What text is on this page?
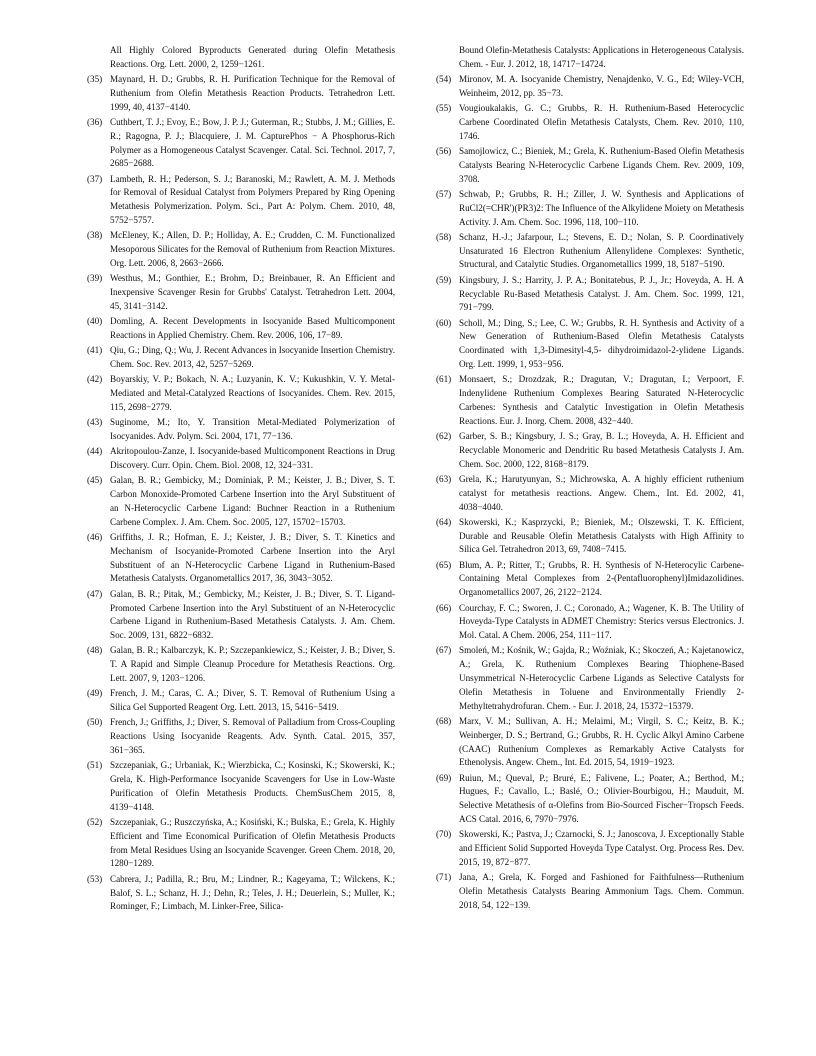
All Highly Colored Byproducts Generated during Olefin Metathesis Reactions. Org. Lett. 2000, 2, 1259−1261.

(35) Maynard, H. D.; Grubbs, R. H. Purification Technique for the Removal of Ruthenium from Olefin Metathesis Reaction Products. Tetrahedron Lett. 1999, 40, 4137−4140.

(36) Cuthbert, T. J.; Evoy, E.; Bow, J. P. J.; Guterman, R.; Stubbs, J. M.; Gillies, E. R.; Ragogna, P. J.; Blacquiere, J. M. CapturePhos − A Phosphorus-Rich Polymer as a Homogeneous Catalyst Scavenger. Catal. Sci. Technol. 2017, 7, 2685−2688.

(37) Lambeth, R. H.; Pederson, S. J.; Baranoski, M.; Rawlett, A. M. J. Methods for Removal of Residual Catalyst from Polymers Prepared by Ring Opening Metathesis Polymerization. Polym. Sci., Part A: Polym. Chem. 2010, 48, 5752−5757.

(38) McEleney, K.; Allen, D. P.; Holliday, A. E.; Crudden, C. M. Functionalized Mesoporous Silicates for the Removal of Ruthenium from Reaction Mixtures. Org. Lett. 2006, 8, 2663−2666.

(39) Westhus, M.; Gonthier, E.; Brohm, D.; Breinbauer, R. An Efficient and Inexpensive Scavenger Resin for Grubbs' Catalyst. Tetrahedron Lett. 2004, 45, 3141−3142.

(40) Domling, A. Recent Developments in Isocyanide Based Multicomponent Reactions in Applied Chemistry. Chem. Rev. 2006, 106, 17−89.

(41) Qiu, G.; Ding, Q.; Wu, J. Recent Advances in Isocyanide Insertion Chemistry. Chem. Soc. Rev. 2013, 42, 5257−5269.

(42) Boyarskiy, V. P.; Bokach, N. A.; Luzyanin, K. V.; Kukushkin, V. Y. Metal-Mediated and Metal-Catalyzed Reactions of Isocyanides. Chem. Rev. 2015, 115, 2698−2779.

(43) Suginome, M.; Ito, Y. Transition Metal-Mediated Polymerization of Isocyanides. Adv. Polym. Sci. 2004, 171, 77−136.

(44) Akritopoulou-Zanze, I. Isocyanide-based Multicomponent Reactions in Drug Discovery. Curr. Opin. Chem. Biol. 2008, 12, 324−331.

(45) Galan, B. R.; Gembicky, M.; Dominiak, P. M.; Keister, J. B.; Diver, S. T. Carbon Monoxide-Promoted Carbene Insertion into the Aryl Substituent of an N-Heterocyclic Carbene Ligand: Buchner Reaction in a Ruthenium Carbene Complex. J. Am. Chem. Soc. 2005, 127, 15702−15703.

(46) Griffiths, J. R.; Hofman, E. J.; Keister, J. B.; Diver, S. T. Kinetics and Mechanism of Isocyanide-Promoted Carbene Insertion into the Aryl Substituent of an N-Heterocyclic Carbene Ligand in Ruthenium-Based Metathesis Catalysts. Organometallics 2017, 36, 3043−3052.

(47) Galan, B. R.; Pitak, M.; Gembicky, M.; Keister, J. B.; Diver, S. T. Ligand-Promoted Carbene Insertion into the Aryl Substituent of an N-Heterocyclic Carbene Ligand in Ruthenium-Based Metathesis Catalysts. J. Am. Chem. Soc. 2009, 131, 6822−6832.

(48) Galan, B. R.; Kalbarczyk, K. P.; Szczepankiewicz, S.; Keister, J. B.; Diver, S. T. A Rapid and Simple Cleanup Procedure for Metathesis Reactions. Org. Lett. 2007, 9, 1203−1206.

(49) French, J. M.; Caras, C. A.; Diver, S. T. Removal of Ruthenium Using a Silica Gel Supported Reagent Org. Lett. 2013, 15, 5416−5419.

(50) French, J.; Griffiths, J.; Diver, S. Removal of Palladium from Cross-Coupling Reactions Using Isocyanide Reagents. Adv. Synth. Catal. 2015, 357, 361−365.

(51) Szczepaniak, G.; Urbaniak, K.; Wierzbicka, C.; Kosinski, K.; Skowerski, K.; Grela, K. High-Performance Isocyanide Scavengers for Use in Low-Waste Purification of Olefin Metathesis Products. ChemSusChem 2015, 8, 4139−4148.

(52) Szczepaniak, G.; Ruszczyńska, A.; Kosiński, K.; Bulska, E.; Grela, K. Highly Efficient and Time Economical Purification of Olefin Metathesis Products from Metal Residues Using an Isocyanide Scavenger. Green Chem. 2018, 20, 1280−1289.

(53) Cabrera, J.; Padilla, R.; Bru, M.; Lindner, R.; Kageyama, T.; Wilckens, K.; Balof, S. L.; Schanz, H. J.; Dehn, R.; Teles, J. H.; Deuerlein, S.; Muller, K.; Rominger, F.; Limbach, M. Linker-Free, Silica-

Bound Olefin-Metathesis Catalysts: Applications in Heterogeneous Catalysis. Chem. - Eur. J. 2012, 18, 14717−14724.

(54) Mironov, M. A. Isocyanide Chemistry, Nenajdenko, V. G., Ed; Wiley-VCH, Weinheim, 2012, pp. 35−73.

(55) Vougioukalakis, G. C.; Grubbs, R. H. Ruthenium-Based Heterocyclic Carbene Coordinated Olefin Metathesis Catalysts, Chem. Rev. 2010, 110, 1746.

(56) Samojlowicz, C.; Bieniek, M.; Grela, K. Ruthenium-Based Olefin Metathesis Catalysts Bearing N-Heterocyclic Carbene Ligands Chem. Rev. 2009, 109, 3708.

(57) Schwab, P.; Grubbs, R. H.; Ziller, J. W. Synthesis and Applications of RuCl2(=CHR')(PR3)2: The Influence of the Alkylidene Moiety on Metathesis Activity. J. Am. Chem. Soc. 1996, 118, 100−110.

(58) Schanz, H.-J.; Jafarpour, L.; Stevens, E. D.; Nolan, S. P. Coordinatively Unsaturated 16 Electron Ruthenium Allenylidene Complexes: Synthetic, Structural, and Catalytic Studies. Organometallics 1999, 18, 5187−5190.

(59) Kingsbury, J. S.; Harrity, J. P. A.; Bonitatebus, P. J., Jr.; Hoveyda, A. H. A Recyclable Ru-Based Metathesis Catalyst. J. Am. Chem. Soc. 1999, 121, 791−799.

(60) Scholl, M.; Ding, S.; Lee, C. W.; Grubbs, R. H. Synthesis and Activity of a New Generation of Ruthenium-Based Olefin Metathesis Catalysts Coordinated with 1,3-Dimesityl-4,5- dihydroimidazol-2-ylidene Ligands. Org. Lett. 1999, 1, 953−956.

(61) Monsaert, S.; Drozdzak, R.; Dragutan, V.; Dragutan, I.; Verpoort, F. Indenylidene Ruthenium Complexes Bearing Saturated N-Heterocyclic Carbenes: Synthesis and Catalytic Investigation in Olefin Metathesis Reactions. Eur. J. Inorg. Chem. 2008, 432−440.

(62) Garber, S. B.; Kingsbury, J. S.; Gray, B. L.; Hoveyda, A. H. Efficient and Recyclable Monomeric and Dendritic Ru based Metathesis Catalysts J. Am. Chem. Soc. 2000, 122, 8168−8179.

(63) Grela, K.; Harutyunyan, S.; Michrowska, A. A highly efficient ruthenium catalyst for metathesis reactions. Angew. Chem., Int. Ed. 2002, 41, 4038−4040.

(64) Skowerski, K.; Kasprzycki, P.; Bieniek, M.; Olszewski, T. K. Efficient, Durable and Reusable Olefin Metathesis Catalysts with High Affinity to Silica Gel. Tetrahedron 2013, 69, 7408−7415.

(65) Blum, A. P.; Ritter, T.; Grubbs, R. H. Synthesis of N-Heterocylic Carbene-Containing Metal Complexes from 2-(Pentafluorophenyl)Imidazolidines. Organometallics 2007, 26, 2122−2124.

(66) Courchay, F. C.; Sworen, J. C.; Coronado, A.; Wagener, K. B. The Utility of Hoveyda-Type Catalysts in ADMET Chemistry: Sterics versus Electronics. J. Mol. Catal. A Chem. 2006, 254, 111−117.

(67) Smoleń, M.; Kośnik, W.; Gajda, R.; Woźniak, K.; Skoczeń, A.; Kajetanowicz, A.; Grela, K. Ruthenium Complexes Bearing Thiophene-Based Unsymmetrical N-Heterocyclic Carbene Ligands as Selective Catalysts for Olefin Metathesis in Toluene and Environmentally Friendly 2-Methyltetrahydrofuran. Chem. - Eur. J. 2018, 24, 15372−15379.

(68) Marx, V. M.; Sullivan, A. H.; Melaimi, M.; Virgil, S. C.; Keitz, B. K.; Weinberger, D. S.; Bertrand, G.; Grubbs, R. H. Cyclic Alkyl Amino Carbene (CAAC) Ruthenium Complexes as Remarkably Active Catalysts for Ethenolysis. Angew. Chem., Int. Ed. 2015, 54, 1919−1923.

(69) Ruiun, M.; Queval, P.; Bruré, E.; Falivene, L.; Poater, A.; Berthod, M.; Hugues, F.; Cavallo, L.; Baslé, O.; Olivier-Bourbigou, H.; Mauduit, M. Selective Metathesis of α-Olefins from Bio-Sourced Fischer−Tropsch Feeds. ACS Catal. 2016, 6, 7970−7976.

(70) Skowerski, K.; Pastva, J.; Czarnocki, S. J.; Janoscova, J. Exceptionally Stable and Efficient Solid Supported Hoveyda Type Catalyst. Org. Process Res. Dev. 2015, 19, 872−877.

(71) Jana, A.; Grela, K. Forged and Fashioned for Faithfulness—Ruthenium Olefin Metathesis Catalysts Bearing Ammonium Tags. Chem. Commun. 2018, 54, 122−139.
